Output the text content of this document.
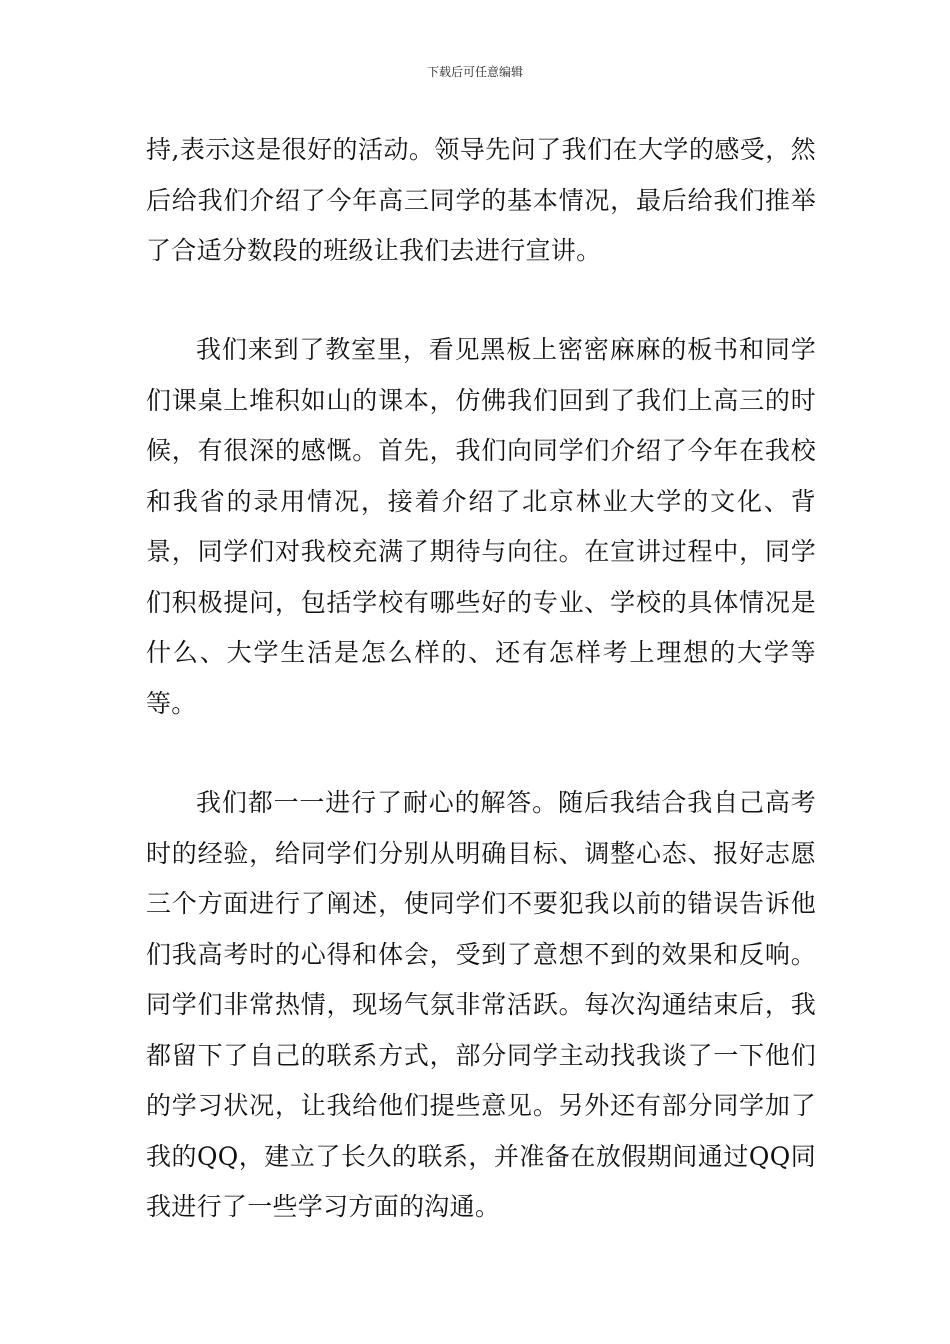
下载后可任意编辑

持,表示这是很好的活动。领导先问了我们在大学的感受，然后给我们介绍了今年高三同学的基本情况，最后给我们推举了合适分数段的班级让我们去进行宣讲。

我们来到了教室里，看见黑板上密密麻麻的板书和同学们课桌上堆积如山的课本，仿佛我们回到了我们上高三的时候，有很深的感慨。首先，我们向同学们介绍了今年在我校和我省的录用情况，接着介绍了北京林业大学的文化、背景，同学们对我校充满了期待与向往。在宣讲过程中，同学们积极提问，包括学校有哪些好的专业、学校的具体情况是什么、大学生活是怎么样的、还有怎样考上理想的大学等等。

我们都一一进行了耐心的解答。随后我结合我自己高考时的经验，给同学们分别从明确目标、调整心态、报好志愿三个方面进行了阐述，使同学们不要犯我以前的错误告诉他们我高考时的心得和体会，受到了意想不到的效果和反响。同学们非常热情，现场气氛非常活跃。每次沟通结束后，我都留下了自己的联系方式，部分同学主动找我谈了一下他们的学习状况，让我给他们提些意见。另外还有部分同学加了我的QQ，建立了长久的联系，并准备在放假期间通过QQ同我进行了一些学习方面的沟通。
